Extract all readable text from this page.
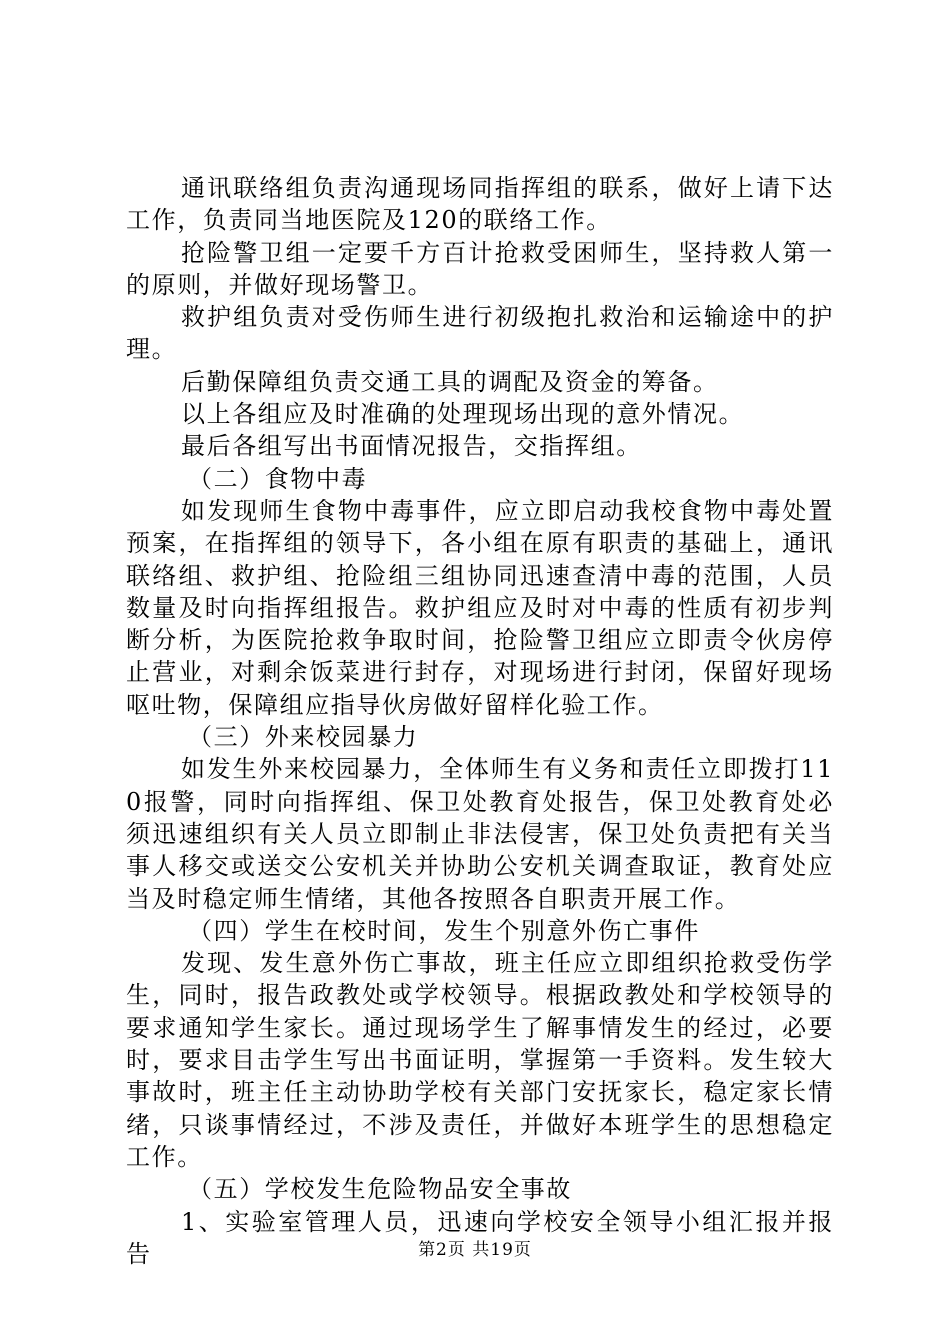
通讯联络组负责沟通现场同指挥组的联系，做好上请下达工作，负责同当地医院及120的联络工作。

抢险警卫组一定要千方百计抢救受困师生，坚持救人第一的原则，并做好现场警卫。

救护组负责对受伤师生进行初级抱扎救治和运输途中的护理。

后勤保障组负责交通工具的调配及资金的筹备。

以上各组应及时准确的处理现场出现的意外情况。

最后各组写出书面情况报告，交指挥组。

（二）食物中毒

如发现师生食物中毒事件，应立即启动我校食物中毒处置预案，在指挥组的领导下，各小组在原有职责的基础上，通讯联络组、救护组、抢险组三组协同迅速查清中毒的范围，人员数量及时向指挥组报告。救护组应及时对中毒的性质有初步判断分析，为医院抢救争取时间，抢险警卫组应立即责令伙房停止营业，对剩余饭菜进行封存，对现场进行封闭，保留好现场呕吐物，保障组应指导伙房做好留样化验工作。

（三）外来校园暴力

如发生外来校园暴力，全体师生有义务和责任立即拨打110报警，同时向指挥组、保卫处教育处报告，保卫处教育处必须迅速组织有关人员立即制止非法侵害，保卫处负责把有关当事人移交或送交公安机关并协助公安机关调查取证，教育处应当及时稳定师生情绪，其他各按照各自职责开展工作。

（四）学生在校时间，发生个别意外伤亡事件

发现、发生意外伤亡事故，班主任应立即组织抢救受伤学生，同时，报告政教处或学校领导。根据政教处和学校领导的要求通知学生家长。通过现场学生了解事情发生的经过，必要时，要求目击学生写出书面证明，掌握第一手资料。发生较大事故时，班主任主动协助学校有关部门安抚家长，稳定家长情绪，只谈事情经过，不涉及责任，并做好本班学生的思想稳定工作。

（五）学校发生危险物品安全事故

1、实验室管理人员，迅速向学校安全领导小组汇报并报告	第2页 共19页
